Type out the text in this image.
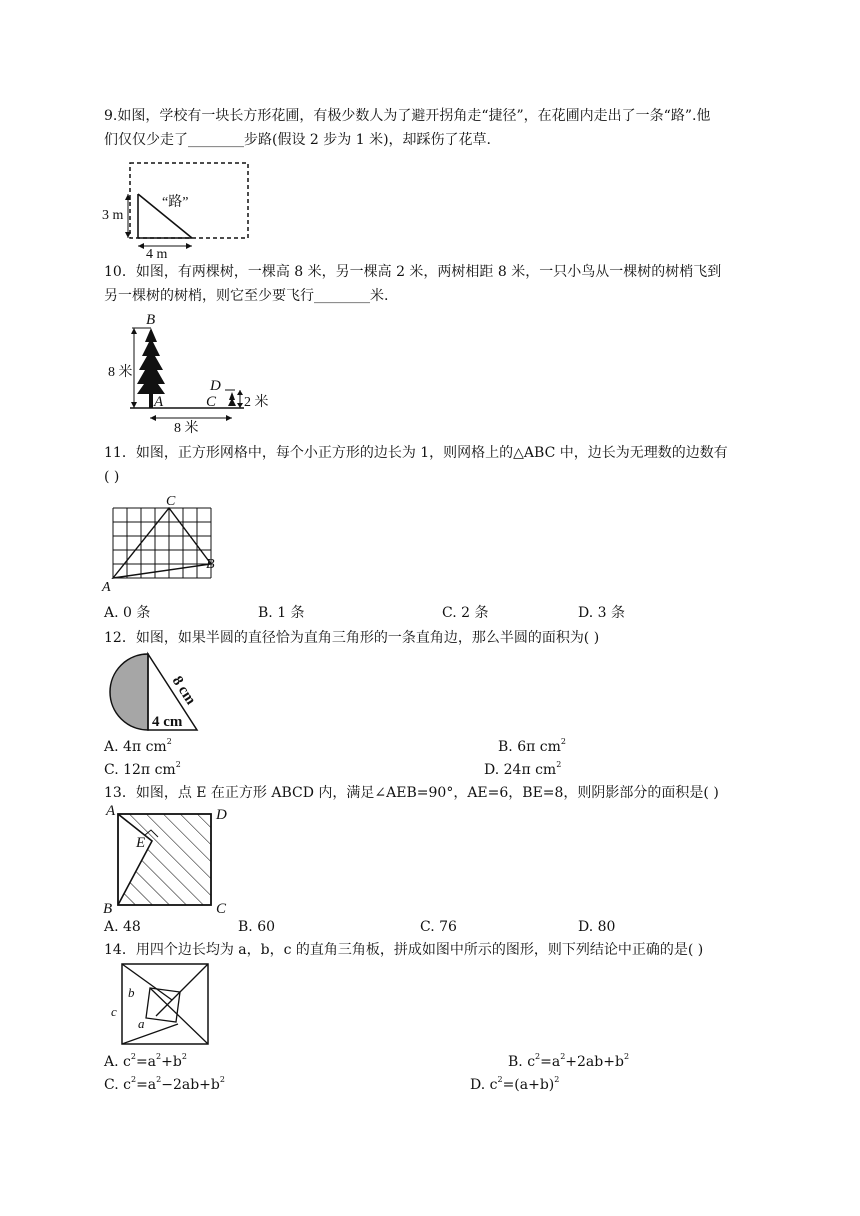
9.如图，学校有一块长方形花圃，有极少数人为了避开拐角走“捷径”，在花圃内走出了一条“路”.他
们仅仅少走了________步路(假设 2 步为 1 米)，却踩伤了花草.
3 m
4 m
“路”
10．如图，有两棵树，一棵高 8 米，另一棵高 2 米，两树相距 8 米，一只小鸟从一棵树的树梢飞到
另一棵树的树梢，则它至少要飞行________米.
B
A	C
D
8 米
2 米
8 米
11．如图，正方形网格中，每个小正方形的边长为 1，则网格上的△ABC 中，边长为无理数的边数有
( )
A
B
C
A. 0 条	B. 1 条	C. 2 条	D. 3 条
12．如图，如果半圆的直径恰为直角三角形的一条直角边，那么半圆的面积为( )
8 cm
4 cm
A. 4π $cm^2$	B. 6π $cm^2$
C. 12π $cm^2$	D. 24π $cm^2$
13．如图，点 E 在正方形 ABCD 内，满足∠AEB=90°，AE=6，BE=8，则阴影部分的面积是( )
A	D
B	C
E
A. 48	B. 60	C. 76	D. 80
14．用四个边长均为 a，b，c 的直角三角板，拼成如图中所示的图形，则下列结论中正确的是( )
b
c
a
A. $c^2=a^2+b^2$	B. $c^2=a^2+2ab+b^2$
C. $c^2=a^2-2ab+b^2$	D. $c^2=(a+b)^2$
